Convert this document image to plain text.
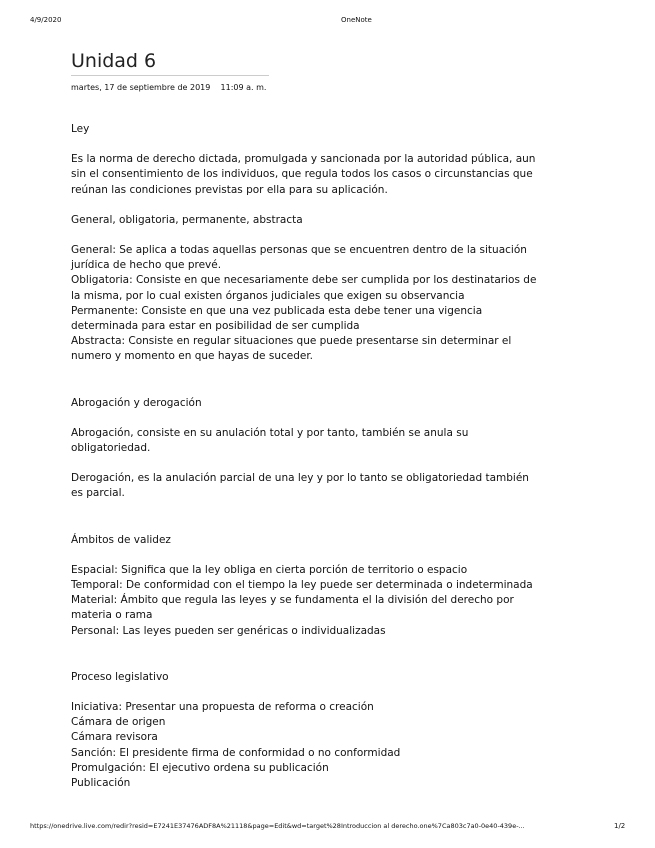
4/9/2020	OneNote
Unidad 6
martes, 17 de septiembre de 2019 11:09 a. m.

Ley

Es la norma de derecho dictada, promulgada y sancionada por la autoridad pública, aun sin el consentimiento de los individuos, que regula todos los casos o circunstancias que reúnan las condiciones previstas por ella para su aplicación.

General, obligatoria, permanente, abstracta

General: Se aplica a todas aquellas personas que se encuentren dentro de la situación jurídica de hecho que prevé.

Obligatoria: Consiste en que necesariamente debe ser cumplida por los destinatarios de la misma, por lo cual existen órganos judiciales que exigen su observancia

Permanente: Consiste en que una vez publicada esta debe tener una vigencia determinada para estar en posibilidad de ser cumplida

Abstracta: Consiste en regular situaciones que puede presentarse sin determinar el numero y momento en que hayas de suceder.

Abrogación y derogación

Abrogación, consiste en su anulación total y por tanto, también se anula su obligatoriedad.

Derogación, es la anulación parcial de una ley y por lo tanto se obligatoriedad también es parcial.

Ámbitos de validez

Espacial: Significa que la ley obliga en cierta porción de territorio o espacio

Temporal: De conformidad con el tiempo la ley puede ser determinada o indeterminada

Material: Ámbito que regula las leyes y se fundamenta el la división del derecho por materia o rama

Personal: Las leyes pueden ser genéricas o individualizadas

Proceso legislativo

Iniciativa: Presentar una propuesta de reforma o creación

Cámara de origen

Cámara revisora

Sanción: El presidente firma de conformidad o no conformidad

Promulgación: El ejecutivo ordena su publicación

Publicación

https://onedrive.live.com/redir?resid=E7241E37476ADF8A%21118&page=Edit&wd=target%28Introduccion al derecho.one%7Ca803c7a0-0e40-439e-...	1/2
